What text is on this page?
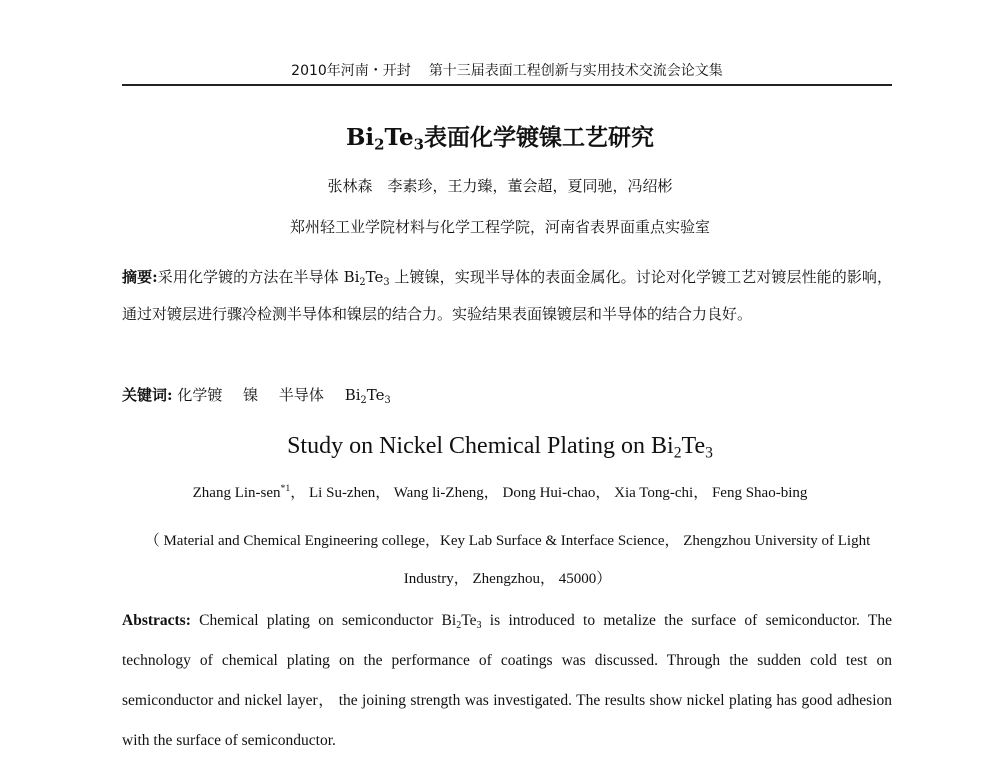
2010年河南・开封 第十三届表面工程创新与实用技术交流会论文集
$Bi_2Te_3$表面化学镀镍工艺研究
张林森　李素珍，王力臻，董会超，夏同驰，冯绍彬
郑州轻工业学院材料与化学工程学院，河南省表界面重点实验室
摘要:采用化学镀的方法在半导体 $Bi_2Te_3$ 上镀镍，实现半导体的表面金属化。讨论对化学镀工艺对镀层性能的影响，通过对镀层进行骤冷检测半导体和镍层的结合力。实验结果表面镍镀层和半导体的结合力良好。
关键词: 化学镀 镍 半导体 $Bi_2Te_3$
Study on Nickel Chemical Plating on $Bi_2Te_3$
Zhang Lin-sen$^{*1}$， Li Su-zhen， Wang li-Zheng， Dong Hui-chao， Xia Tong-chi， Feng Shao-bing
（ Material and Chemical Engineering college，Key Lab Surface & Interface Science， Zhengzhou University of Light Industry， Zhengzhou， 45000）
Abstracts: Chemical plating on semiconductor $Bi_2Te_3$ is introduced to metalize the surface of semiconductor. The technology of chemical plating on the performance of coatings was discussed. Through the sudden cold test on semiconductor and nickel layer， the joining strength was investigated. The results show nickel plating has good adhesion with the surface of semiconductor.
